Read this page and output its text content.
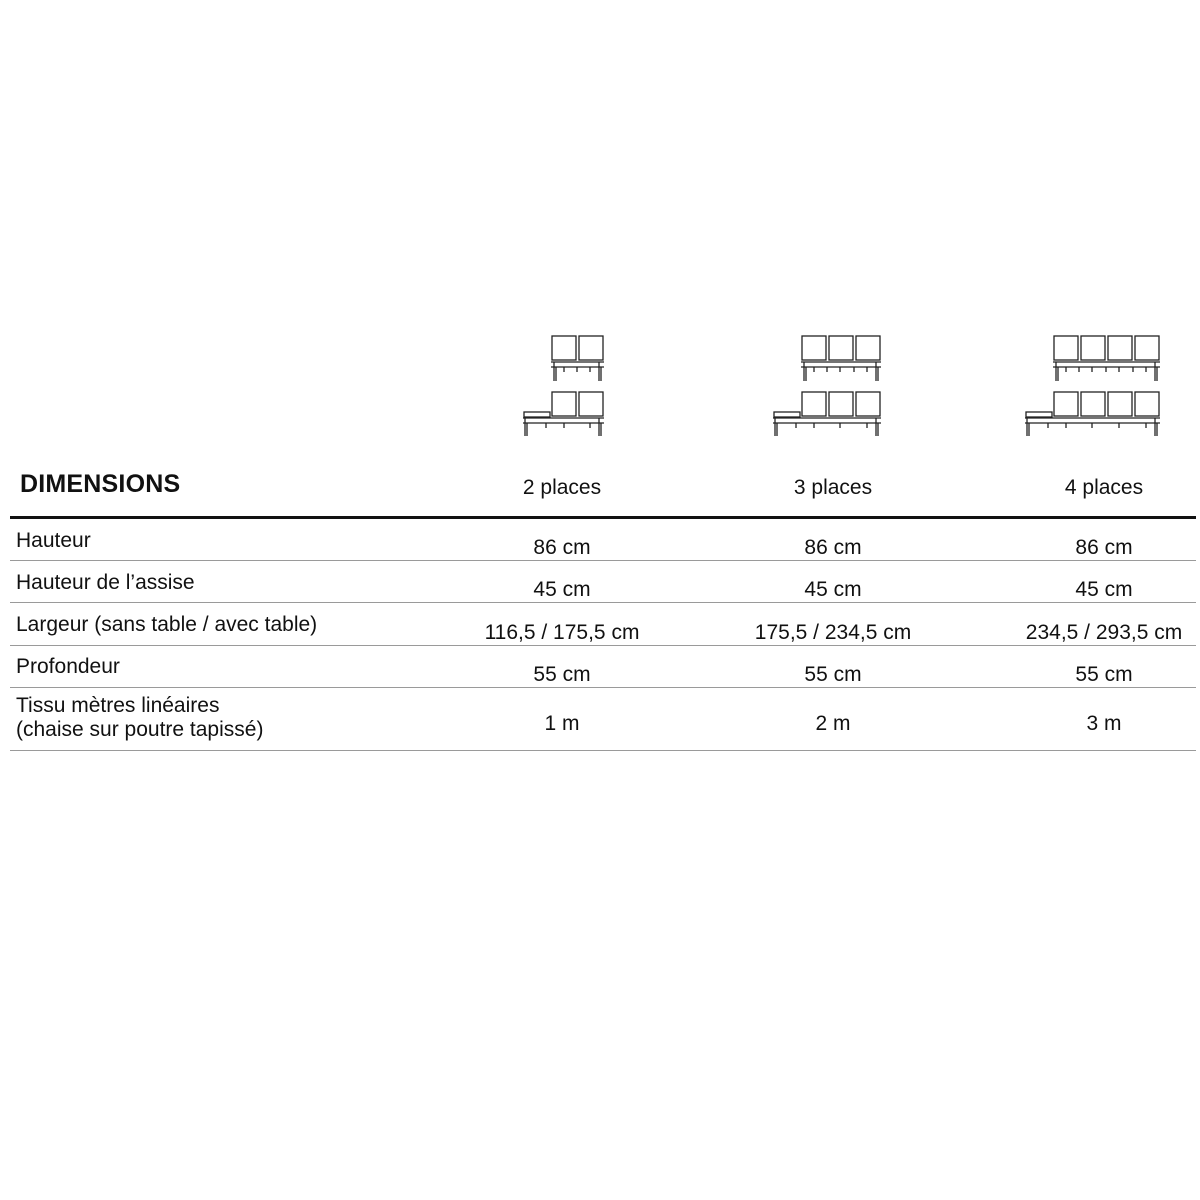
DIMENSIONS	2 places	3 places	4 places
Hauteur	86 cm	86 cm	86 cm
Hauteur de l’assise	45 cm	45 cm	45 cm
Largeur (sans table / avec table)	116,5 / 175,5 cm	175,5 / 234,5 cm	234,5 / 293,5 cm
Profondeur	55 cm	55 cm	55 cm
Tissu mètres linéaires
(chaise sur poutre tapissé)	1 m	2 m	3 m
